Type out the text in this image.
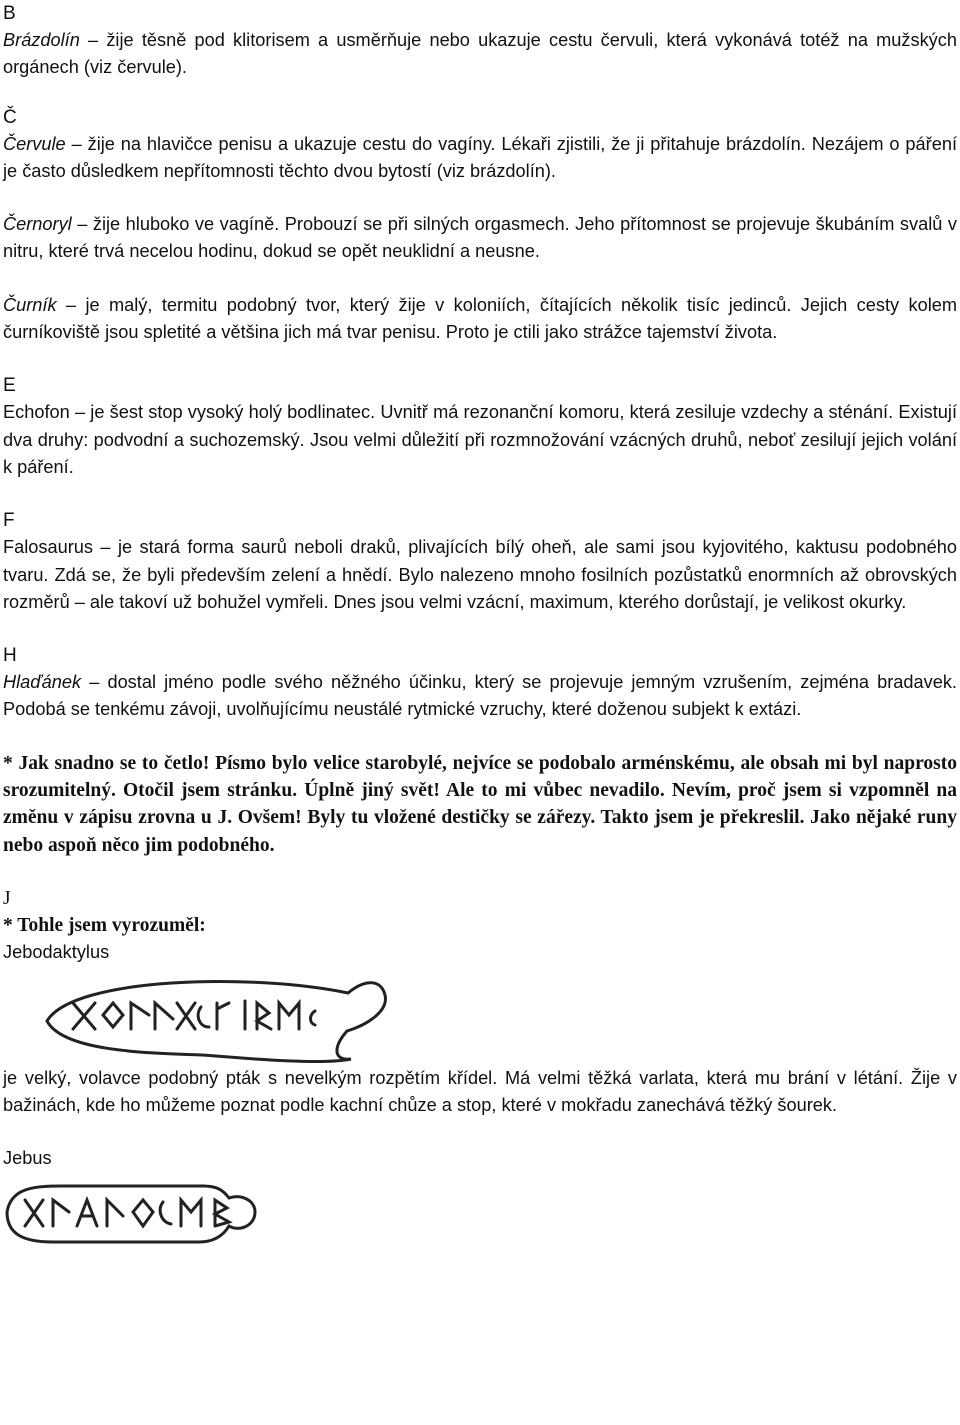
B

Brázdolín – žije těsně pod klitorisem a usměrňuje nebo ukazuje cestu červuli, která vykonává totéž na mužských orgánech (viz červule).

Č

Červule – žije na hlavičce penisu a ukazuje cestu do vagíny. Lékaři zjistili, že ji přitahuje brázdolín. Nezájem o páření je často důsledkem nepřítomnosti těchto dvou bytostí (viz brázdolín).

Černoryl – žije hluboko ve vagíně. Probouzí se při silných orgasmech. Jeho přítomnost se projevuje škubáním svalů v nitru, které trvá necelou hodinu, dokud se opět neuklidní a neusne.

Čurník – je malý, termitu podobný tvor, který žije v koloniích, čítajících několik tisíc jedinců. Jejich cesty kolem čurníkoviště jsou spletité a většina jich má tvar penisu. Proto je ctili jako strážce tajemství života.

E

Echofon – je šest stop vysoký holý bodlinatec. Uvnitř má rezonanční komoru, která zesiluje vzdechy a sténání. Existují dva druhy: podvodní a suchozemský. Jsou velmi důležití při rozmnožování vzácných druhů, neboť zesilují jejich volání k páření.

F

Falosaurus – je stará forma saurů neboli draků, plivajících bílý oheň, ale sami jsou kyjovitého, kaktusu podobného tvaru. Zdá se, že byli především zelení a hnědí. Bylo nalezeno mnoho fosilních pozůstatků enormních až obrovských rozměrů – ale takoví už bohužel vymřeli. Dnes jsou velmi vzácní, maximum, kterého dorůstají, je velikost okurky.

H

Hlaďánek – dostal jméno podle svého něžného účinku, který se projevuje jemným vzrušením, zejména bradavek. Podobá se tenkému závoji, uvolňujícímu neustálé rytmické vzruchy, které doženou subjekt k extázi.

* Jak snadno se to četlo! Písmo bylo velice starobylé, nejvíce se podobalo arménskému, ale obsah mi byl naprosto srozumitelný. Otočil jsem stránku. Úplně jiný svět! Ale to mi vůbec nevadilo. Nevím, proč jsem si vzpomněl na změnu v zápisu zrovna u J. Ovšem! Byly tu vložené destičky se zářezy. Takto jsem je překreslil. Jako nějaké runy nebo aspoň něco jim podobného.

J

* Tohle jsem vyrozuměl:

Jebodaktylus

je velký, volavce podobný pták s nevelkým rozpětím křídel. Má velmi těžká varlata, která mu brání v létání. Žije v bažinách, kde ho můžeme poznat podle kachní chůze a stop, které v mokřadu zanechává těžký šourek.

Jebus
